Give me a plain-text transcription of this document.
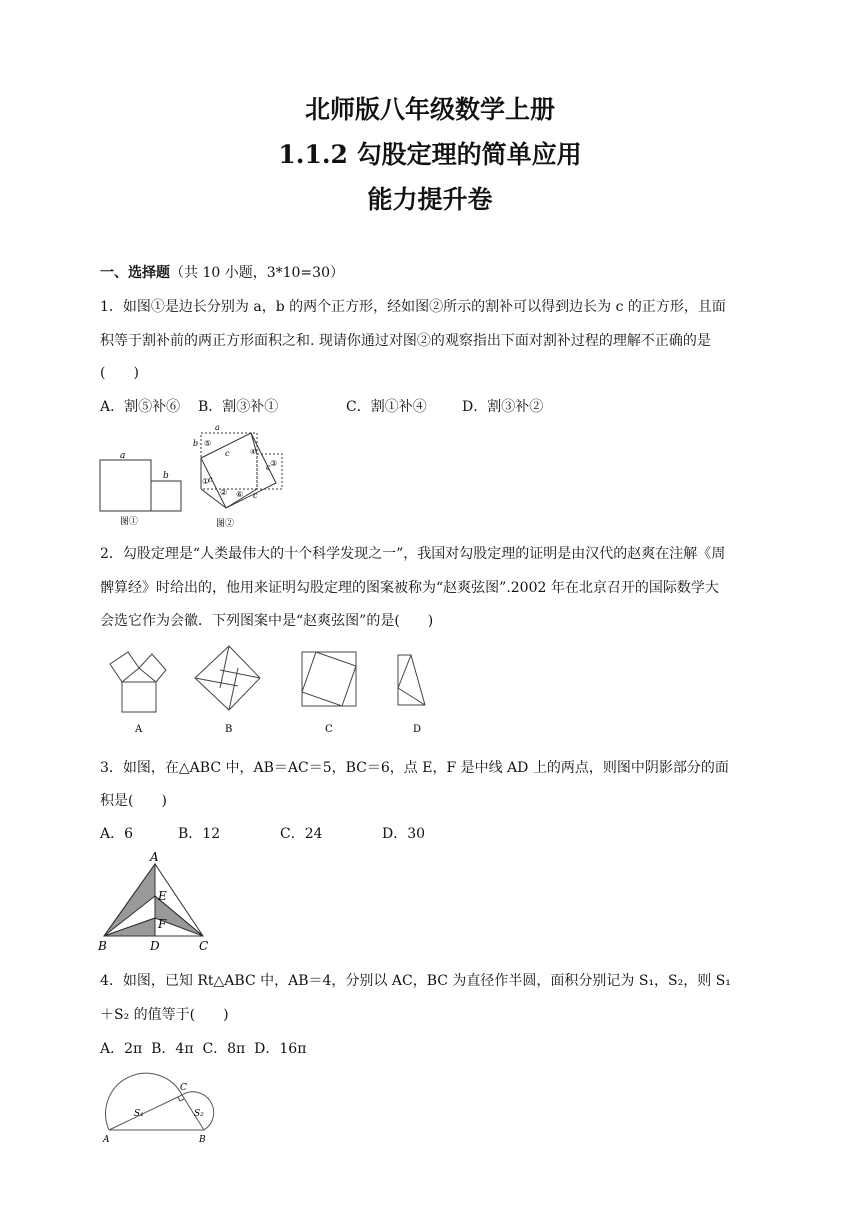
北师版八年级数学上册
1.1.2 勾股定理的简单应用
能力提升卷
一、选择题（共 10 小题，3*10=30）
1．如图①是边长分别为 a，b 的两个正方形，经如图②所示的割补可以得到边长为 c 的正方形，且面
积等于割补前的两正方形面积之和. 现请你通过对图②的观察指出下面对割补过程的理解不正确的是
(　　)
A．割⑤补⑥ B．割③补①	C．割①补④	D．割③补②
a
b
图①	图②
a
b
c
c
c
c
⑤
④
③
①
② ⑥
2．勾股定理是“人类最伟大的十个科学发现之一”，我国对勾股定理的证明是由汉代的赵爽在注解《周
髀算经》时给出的，他用来证明勾股定理的图案被称为“赵爽弦图”.2002 年在北京召开的国际数学大
会选它作为会徽．下列图案中是“赵爽弦图”的是(　　)
A	B	C	D
3．如图，在△ABC 中，AB＝AC＝5，BC＝6，点 E，F 是中线 AD 上的两点，则图中阴影部分的面
积是(　　)
A．6	B．12	C．24	D．30
A
B	C
D
E
F
4．如图，已知 Rt△ABC 中，AB＝4，分别以 AC，BC 为直径作半圆，面积分别记为 S₁，S₂，则 S₁
＋S₂ 的值等于(　　)
A．2π B．4π C．8π D．16π
A	B
C
S₁	S₂
